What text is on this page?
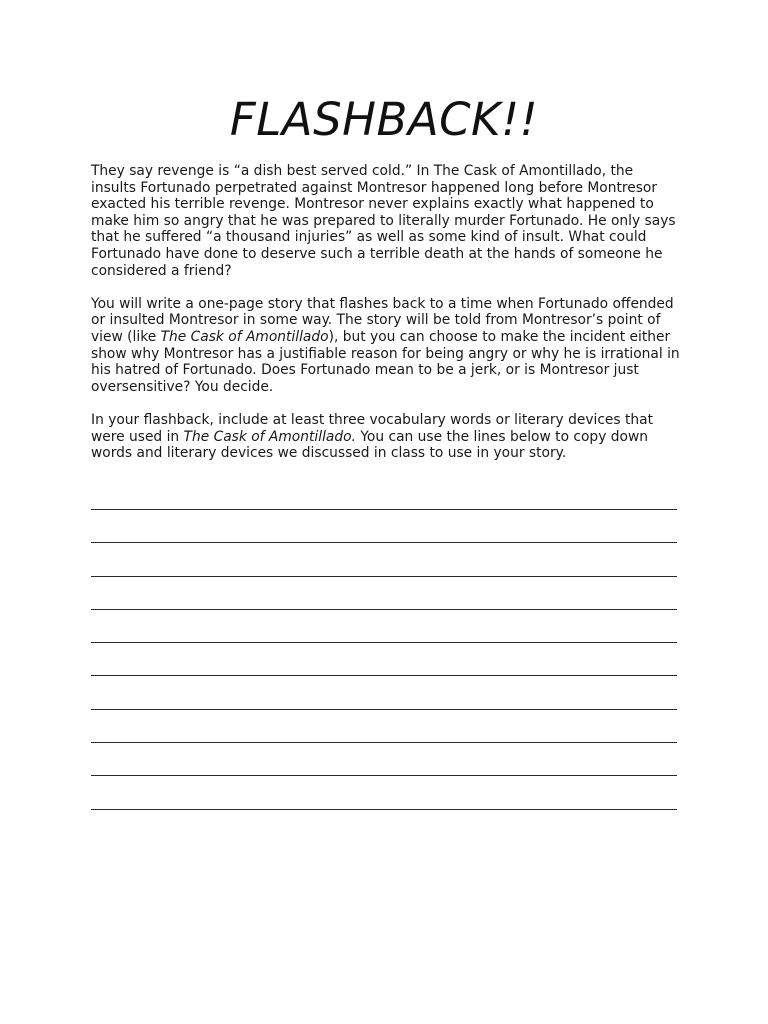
FLASHBACK!!

They say revenge is “a dish best served cold.” In The Cask of Amontillado, the insults Fortunado perpetrated against Montresor happened long before Montresor exacted his terrible revenge. Montresor never explains exactly what happened to make him so angry that he was prepared to literally murder Fortunado. He only says that he suffered “a thousand injuries” as well as some kind of insult. What could Fortunado have done to deserve such a terrible death at the hands of someone he considered a friend?

You will write a one-page story that flashes back to a time when Fortunado offended or insulted Montresor in some way. The story will be told from Montresor’s point of view (like The Cask of Amontillado), but you can choose to make the incident either show why Montresor has a justifiable reason for being angry or why he is irrational in his hatred of Fortunado. Does Fortunado mean to be a jerk, or is Montresor just oversensitive? You decide.

In your flashback, include at least three vocabulary words or literary devices that were used in The Cask of Amontillado. You can use the lines below to copy down words and literary devices we discussed in class to use in your story.
